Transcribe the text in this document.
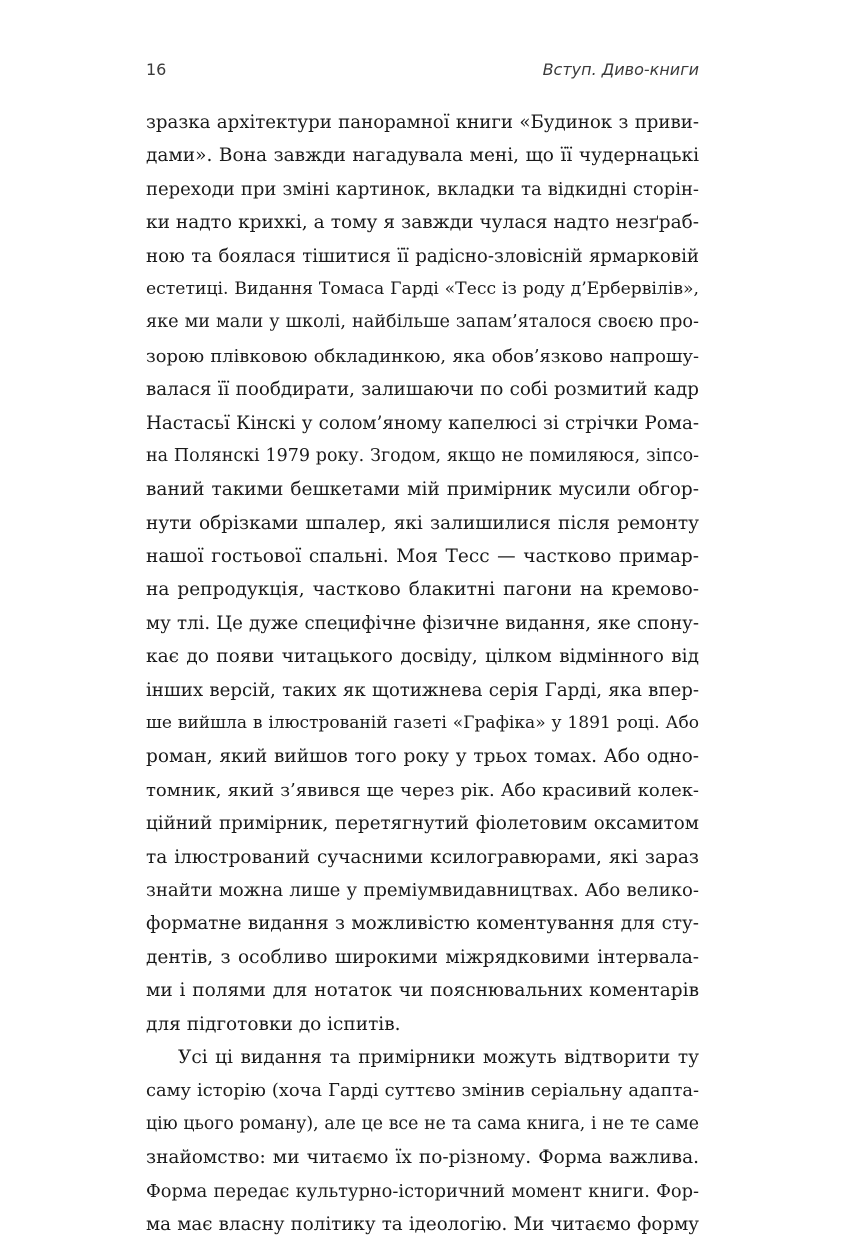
16	Вступ. Диво-книги
зразка архітектури панорамної книги «Будинок з приви-
дами». Вона завжди нагадувала мені, що її чудернацькі
переходи при зміні картинок, вкладки та відкидні сторін-
ки надто крихкі, а тому я завжди чулася надто незґраб-
ною та боялася тішитися її радісно-зловісній ярмарковій
естетиці. Видання Томаса Гарді «Тесс із роду д’Ербервілів»,
яке ми мали у школі, найбільше запам’яталося своєю про-
зорою плівковою обкладинкою, яка обов’язково напрошу-
валася її пообдирати, залишаючи по собі розмитий кадр
Настасьї Кінскі у солом’яному капелюсі зі стрічки Рома-
на Полянскі 1979 року. Згодом, якщо не помиляюся, зіпсо-
ваний такими бешкетами мій примірник мусили обгор-
нути обрізками шпалер, які залишилися після ремонту
нашої гостьової спальні. Моя Тесс — частково примар-
на репродукція, частково блакитні пагони на кремово-
му тлі. Це дуже специфічне фізичне видання, яке спону-
кає до появи читацького досвіду, цілком відмінного від
інших версій, таких як щотижнева серія Гарді, яка впер-
ше вийшла в ілюстрованій газеті «Графіка» у 1891 році. Або
роман, який вийшов того року у трьох томах. Або одно-
томник, який з’явився ще через рік. Або красивий колек-
ційний примірник, перетягнутий фіолетовим оксамитом
та ілюстрований сучасними ксилогравюрами, які зараз
знайти можна лише у преміумвидавництвах. Або велико-
форматне видання з можливістю коментування для сту-
дентів, з особливо широкими міжрядковими інтервала-
ми і полями для нотаток чи пояснювальних коментарів
для підготовки до іспитів.
Усі ці видання та примірники можуть відтворити ту
саму історію (хоча Гарді суттєво змінив серіальну адапта-
цію цього роману), але це все не та сама книга, і не те саме
знайомство: ми читаємо їх по-різному. Форма важлива.
Форма передає культурно-історичний момент книги. Фор-
ма має власну політику та ідеологію. Ми читаємо форму
